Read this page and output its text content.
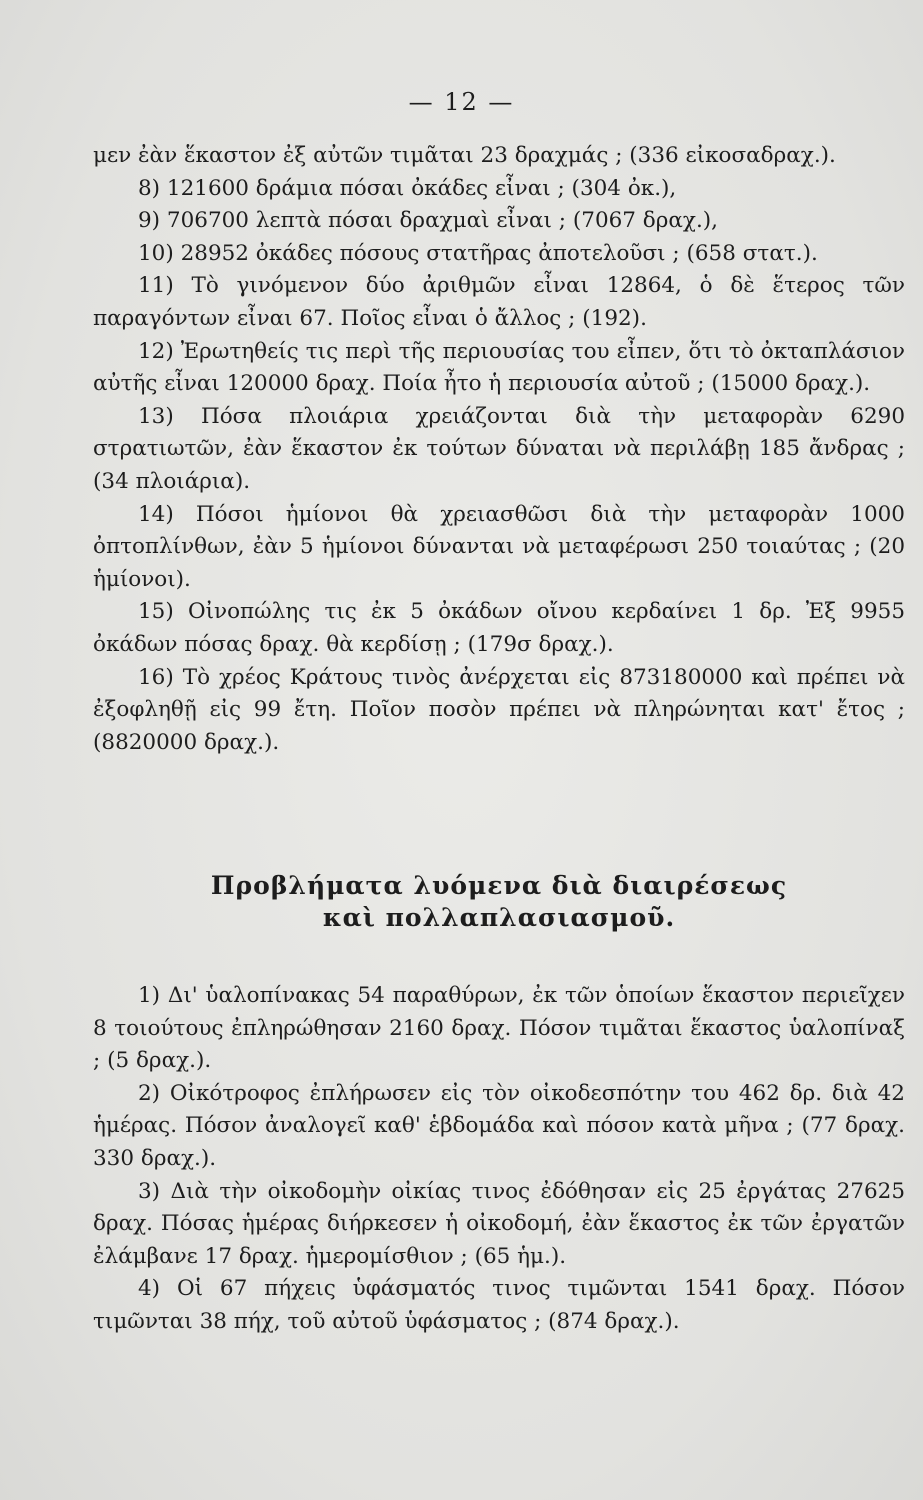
— 12 —

μεν ἐὰν ἕκαστον ἐξ αὐτῶν τιμᾶται 23 δραχμάς ; (336 εἰκοσαδραχ.).

8) 121600 δράμια πόσαι ὀκάδες εἶναι ; (304 ὀκ.),

9) 706700 λεπτὰ πόσαι δραχμαὶ εἶναι ; (7067 δραχ.),

10) 28952 ὀκάδες πόσους στατῆρας ἀποτελοῦσι ; (658 στατ.).

11) Τὸ γινόμενον δύο ἀριθμῶν εἶναι 12864, ὁ δὲ ἕτερος τῶν παραγόντων εἶναι 67. Ποῖος εἶναι ὁ ἄλλος ; (192).

12) Ἐρωτηθείς τις περὶ τῆς περιουσίας του εἶπεν, ὅτι τὸ ὀκταπλάσιον αὐτῆς εἶναι 120000 δραχ. Ποία ἦτο ἡ περιουσία αὐτοῦ ; (15000 δραχ.).

13) Πόσα πλοιάρια χρειάζονται διὰ τὴν μεταφορὰν 6290 στρατιωτῶν, ἐὰν ἕκαστον ἐκ τούτων δύναται νὰ περιλάβῃ 185 ἄνδρας ; (34 πλοιάρια).

14) Πόσοι ἡμίονοι θὰ χρειασθῶσι διὰ τὴν μεταφορὰν 1000 ὀπτοπλίνθων, ἐὰν 5 ἡμίονοι δύνανται νὰ μεταφέρωσι 250 τοιαύτας ; (20 ἡμίονοι).

15) Οἰνοπώλης τις ἐκ 5 ὀκάδων οἴνου κερδαίνει 1 δρ. Ἐξ 9955 ὀκάδων πόσας δραχ. θὰ κερδίσῃ ; (179σ δραχ.).

16) Τὸ χρέος Κράτους τινὸς ἀνέρχεται εἰς 873180000 καὶ πρέπει νὰ ἐξοφληθῇ εἰς 99 ἔτη. Ποῖον ποσὸν πρέπει νὰ πληρώνηται κατ' ἔτος ; (8820000 δραχ.).

Προβλήματα λυόμενα διὰ διαιρέσεως
καὶ πολλαπλασιασμοῦ.

1) Δι' ὑαλοπίνακας 54 παραθύρων, ἐκ τῶν ὁποίων ἕκαστον περιεῖχεν 8 τοιούτους ἐπληρώθησαν 2160 δραχ. Πόσον τιμᾶται ἕκαστος ὑαλοπίναξ ; (5 δραχ.).

2) Οἰκότροφος ἐπλήρωσεν εἰς τὸν οἰκοδεσπότην του 462 δρ. διὰ 42 ἡμέρας. Πόσον ἀναλογεῖ καθ' ἑβδομάδα καὶ πόσον κατὰ μῆνα ; (77 δραχ. 330 δραχ.).

3) Διὰ τὴν οἰκοδομὴν οἰκίας τινος ἐδόθησαν εἰς 25 ἐργάτας 27625 δραχ. Πόσας ἡμέρας διήρκεσεν ἡ οἰκοδομή, ἐὰν ἕκαστος ἐκ τῶν ἐργατῶν ἐλάμβανε 17 δραχ. ἡμερομίσθιον ; (65 ἡμ.).

4) Οἱ 67 πήχεις ὑφάσματός τινος τιμῶνται 1541 δραχ. Πόσον τιμῶνται 38 πήχ, τοῦ αὐτοῦ ὑφάσματος ; (874 δραχ.).
